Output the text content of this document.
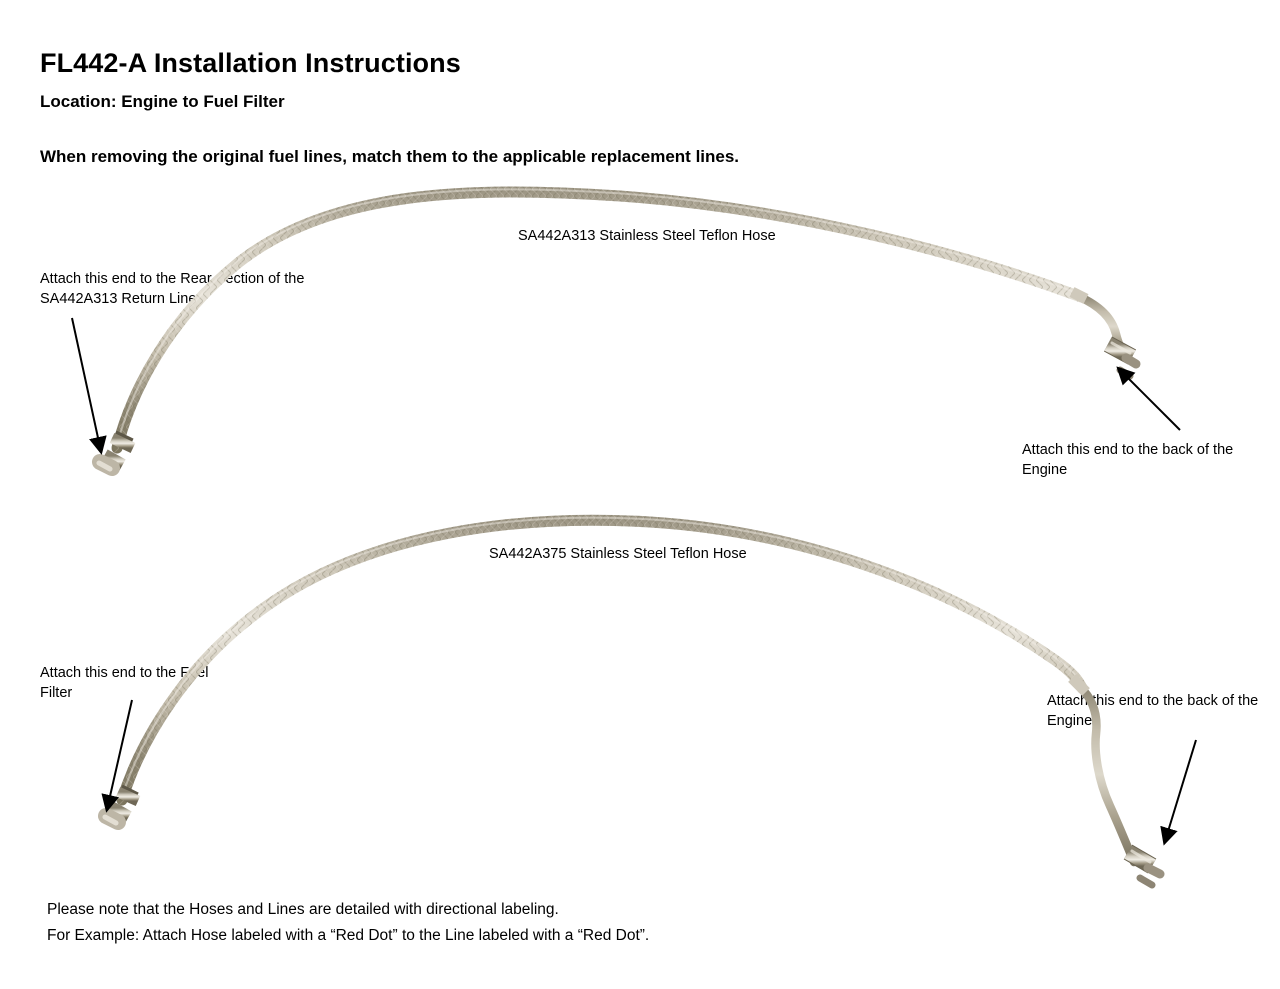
FL442-A Installation Instructions
Location: Engine to Fuel Filter
When removing the original fuel lines, match them to the applicable replacement lines.
SA442A313 Stainless Steel Teflon Hose
SA442A375 Stainless Steel Teflon Hose
Attach this end to the Rear Section of the SA442A313 Return Line
Attach this end to the back of the Engine
Attach this end to the Fuel Filter	Attach this end to the back of the Engine
Please note that the Hoses and Lines are detailed with directional labeling.
For Example: Attach Hose labeled with a “Red Dot” to the Line labeled with a “Red Dot”.
